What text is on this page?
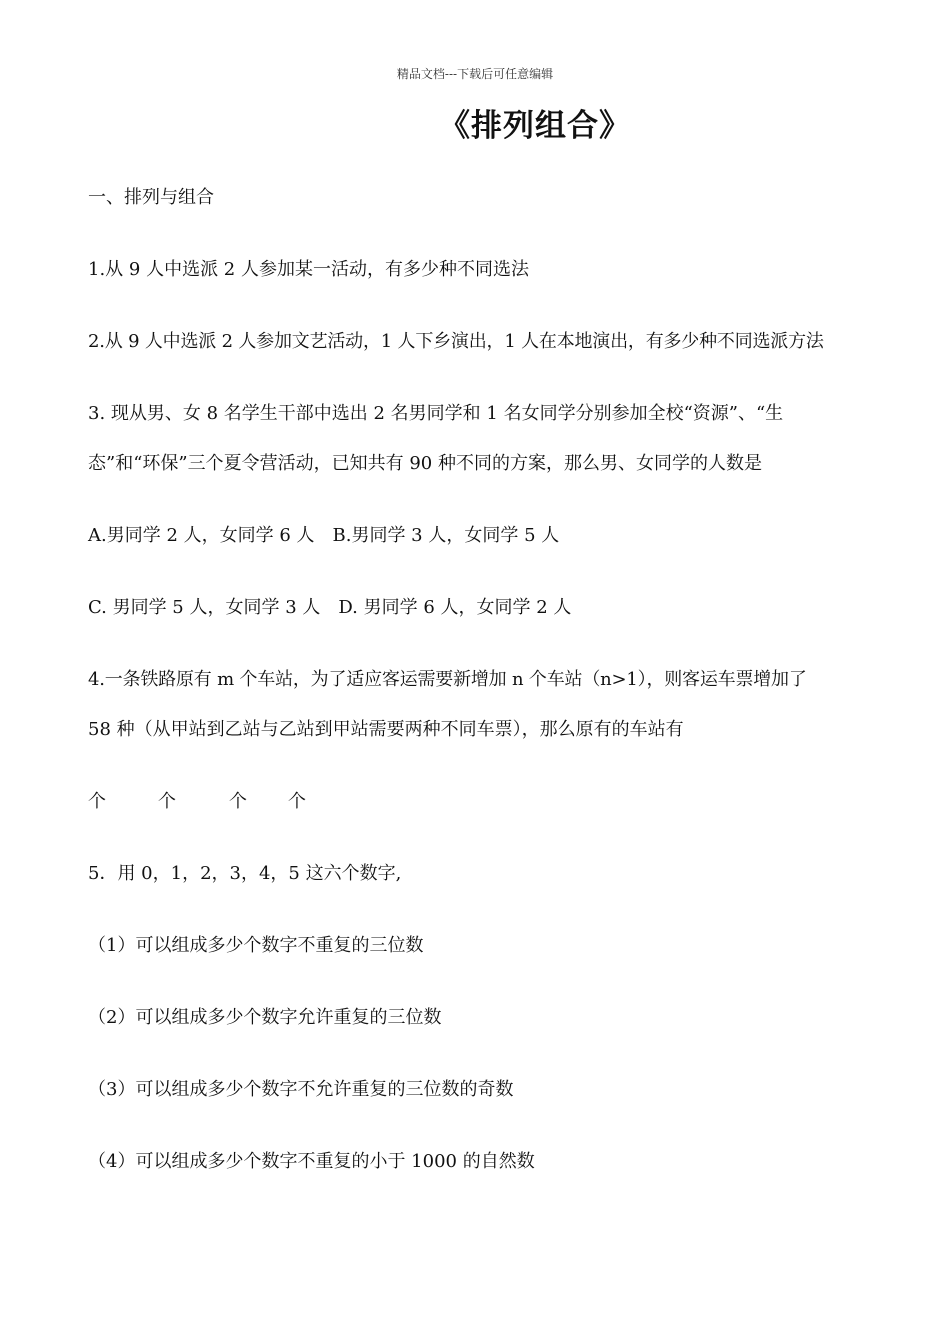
精品文档---下载后可任意编辑
《排列组合》
一、排列与组合
1.从 9 人中选派 2 人参加某一活动，有多少种不同选法
2.从 9 人中选派 2 人参加文艺活动，1 人下乡演出，1 人在本地演出，有多少种不同选派方法
3. 现从男、女 8 名学生干部中选出 2 名男同学和 1 名女同学分别参加全校“资源”、“生
态”和“环保”三个夏令营活动，已知共有 90 种不同的方案，那么男、女同学的人数是
A.男同学 2 人，女同学 6 人　B.男同学 3 人，女同学 5 人
C. 男同学 5 人，女同学 3 人　D. 男同学 6 人，女同学 2 人
4.一条铁路原有 m 个车站，为了适应客运需要新增加 n 个车站（n>1），则客运车票增加了
58 种（从甲站到乙站与乙站到甲站需要两种不同车票），那么原有的车站有
个	个	个 个
5．用 0，1，2，3，4，5 这六个数字,
（1）可以组成多少个数字不重复的三位数
（2）可以组成多少个数字允许重复的三位数
（3）可以组成多少个数字不允许重复的三位数的奇数
（4）可以组成多少个数字不重复的小于 1000 的自然数
